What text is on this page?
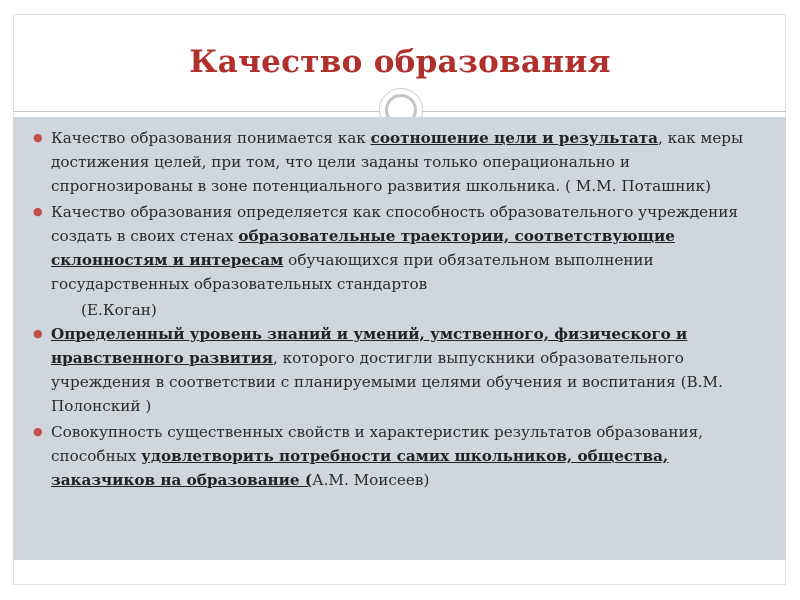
Качество образования
● Качество образования понимается как соотношение цели и результата, как меры достижения целей, при том, что цели заданы только операционально и спрогнозированы в зоне потенциального развития школьника. ( М.М. Поташник)
● Качество образования определяется как способность образовательного учреждения создать в своих стенах образовательные траектории, соответствующие склонностям и интересам обучающихся при обязательном выполнении государственных образовательных стандартов
(Е.Коган)
● Определенный уровень знаний и умений, умственного, физического и нравственного развития, которого достигли выпускники образовательного учреждения в соответствии с планируемыми целями обучения и воспитания (В.М. Полонский )
● Совокупность существенных свойств и характеристик результатов образования, способных удовлетворить потребности самих школьников, общества, заказчиков на образование (А.М. Моисеев)
